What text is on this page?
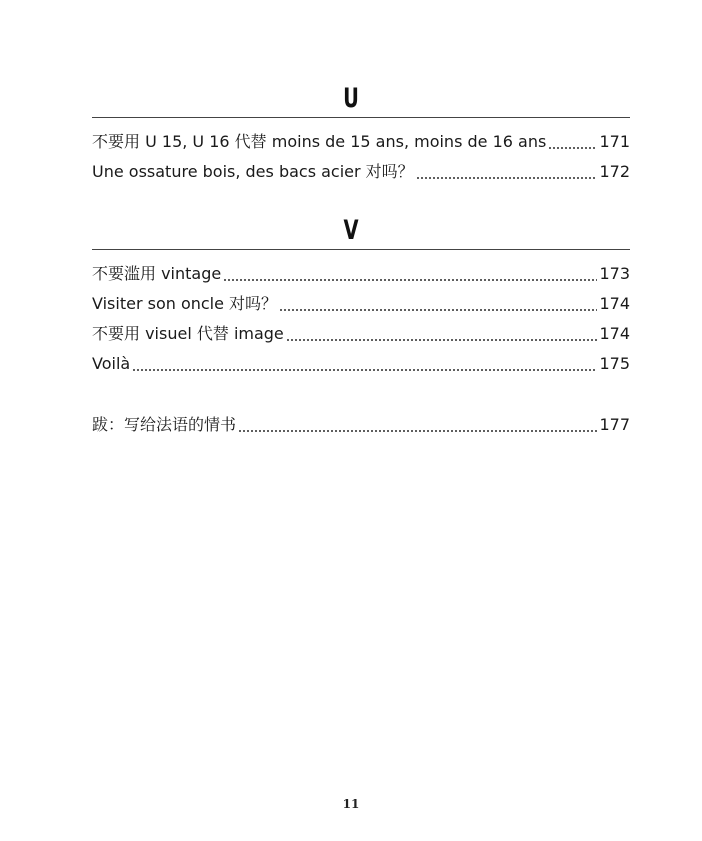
U
不要用 U 15, U 16 代替 moins de 15 ans, moins de 16 ans	171
Une ossature bois, des bacs acier 对吗？	172
V
不要滥用 vintage	173
Visiter son oncle 对吗？	174
不要用 visuel 代替 image	174
Voilà	175
跋：写给法语的情书	177
11
